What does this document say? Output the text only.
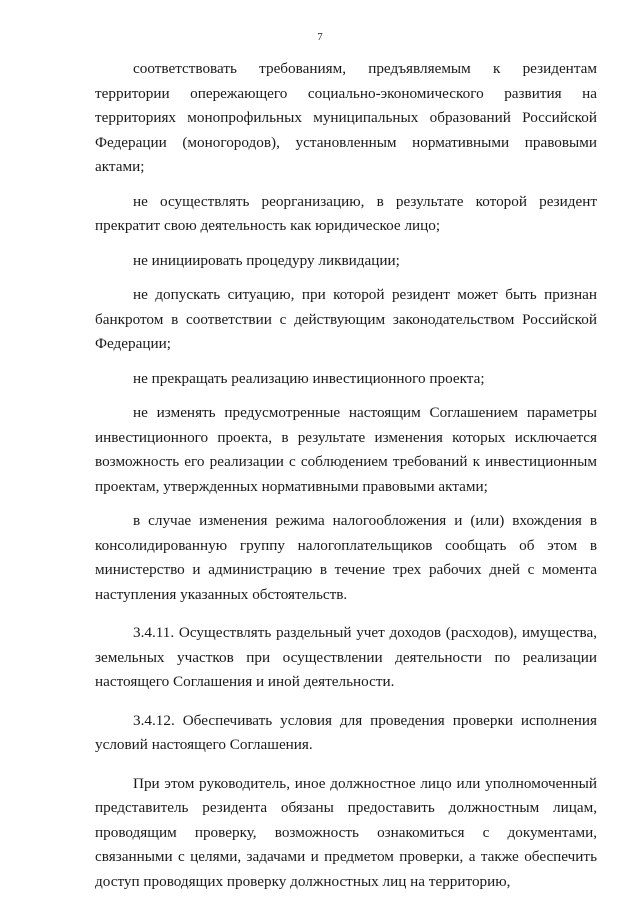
7

соответствовать требованиям, предъявляемым к резидентам территории опережающего социально-экономического развития на территориях монопрофильных муниципальных образований Российской Федерации (моногородов), установленным нормативными правовыми актами;

не осуществлять реорганизацию, в результате которой резидент прекратит свою деятельность как юридическое лицо;

не инициировать процедуру ликвидации;

не допускать ситуацию, при которой резидент может быть признан банкротом в соответствии с действующим законодательством Российской Федерации;

не прекращать реализацию инвестиционного проекта;

не изменять предусмотренные настоящим Соглашением параметры инвестиционного проекта, в результате изменения которых исключается возможность его реализации с соблюдением требований к инвестиционным проектам, утвержденных нормативными правовыми актами;

в случае изменения режима налогообложения и (или) вхождения в консолидированную группу налогоплательщиков сообщать об этом в министерство и администрацию в течение трех рабочих дней с момента наступления указанных обстоятельств.

3.4.11. Осуществлять раздельный учет доходов (расходов), имущества, земельных участков при осуществлении деятельности по реализации настоящего Соглашения и иной деятельности.

3.4.12. Обеспечивать условия для проведения проверки исполнения условий настоящего Соглашения.

При этом руководитель, иное должностное лицо или уполномоченный представитель резидента обязаны предоставить должностным лицам, проводящим проверку, возможность ознакомиться с документами, связанными с целями, задачами и предметом проверки, а также обеспечить доступ проводящих проверку должностных лиц на территорию,
